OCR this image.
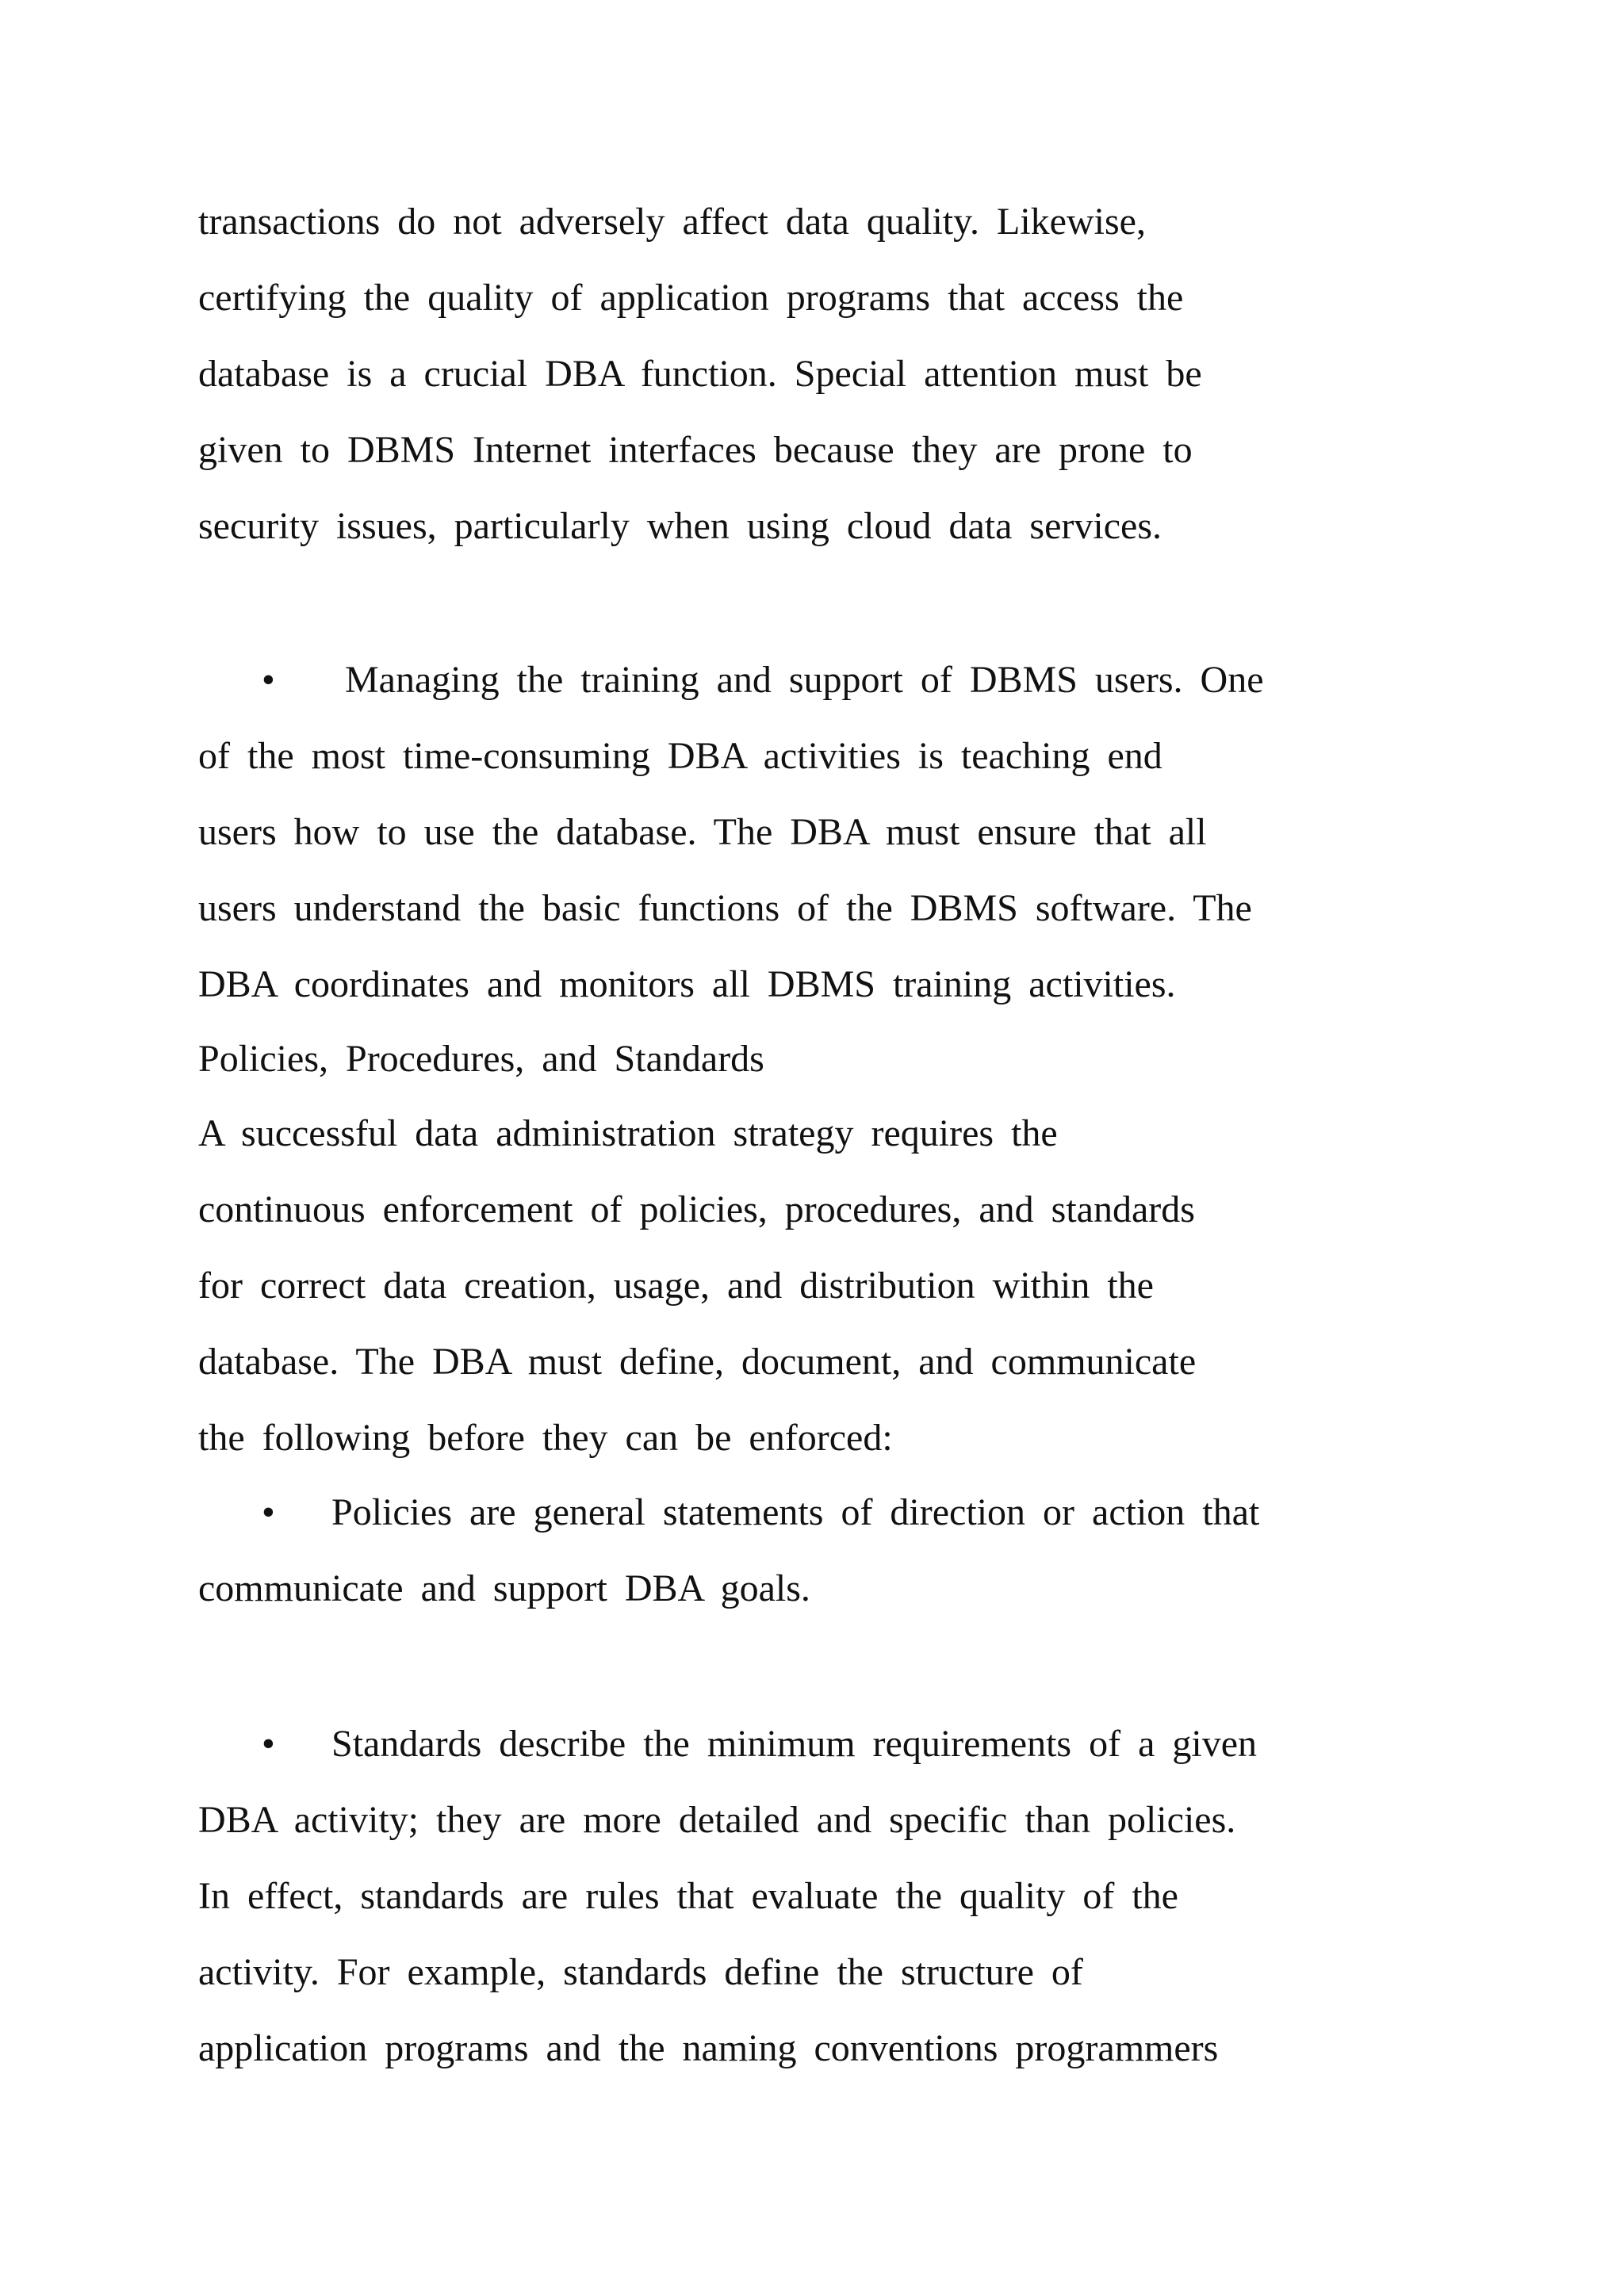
transactions do not adversely affect data quality. Likewise,
certifying the quality of application programs that access the
database is a crucial DBA function. Special attention must be
given to DBMS Internet interfaces because they are prone to
security issues, particularly when using cloud data services.
• Managing the training and support of DBMS users. One
of the most time-consuming DBA activities is teaching end
users how to use the database. The DBA must ensure that all
users understand the basic functions of the DBMS software. The
DBA coordinates and monitors all DBMS training activities.
Policies, Procedures, and Standards
A successful data administration strategy requires the
continuous enforcement of policies, procedures, and standards
for correct data creation, usage, and distribution within the
database. The DBA must define, document, and communicate
the following before they can be enforced:
• Policies are general statements of direction or action that
communicate and support DBA goals.
• Standards describe the minimum requirements of a given
DBA activity; they are more detailed and specific than policies.
In effect, standards are rules that evaluate the quality of the
activity. For example, standards define the structure of
application programs and the naming conventions programmers
